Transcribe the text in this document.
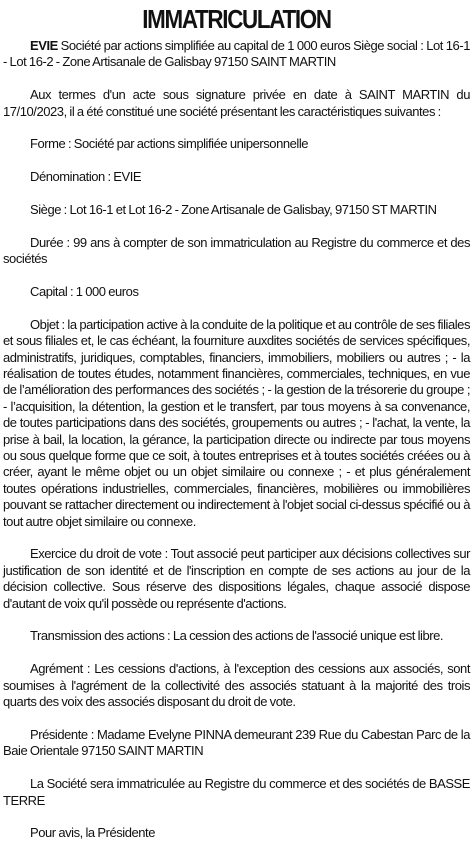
IMMATRICULATION

EVIE Société par actions simplifiée au capital de 1 000 euros Siège social : Lot 16-1 - Lot 16-2 - Zone Artisanale de Galisbay 97150 SAINT MARTIN

Aux termes d'un acte sous signature privée en date à SAINT MARTIN du 17/10/2023, il a été constitué une société présentant les caractéristiques suivantes :

Forme : Société par actions simplifiée unipersonnelle

Dénomination : EVIE

Siège : Lot 16-1 et Lot 16-2 - Zone Artisanale de Galisbay, 97150 ST MARTIN

Durée : 99 ans à compter de son immatriculation au Registre du commerce et des sociétés

Capital : 1 000 euros

Objet : la participation active à la conduite de la politique et au contrôle de ses filiales et sous filiales et, le cas échéant, la fourniture auxdites sociétés de services spécifiques, administratifs, juridiques, comptables, financiers, immobiliers, mobiliers ou autres ; - la réalisation de toutes études, notamment financières, commerciales, techniques, en vue de l’amélioration des performances des sociétés ; - la gestion de la trésorerie du groupe ; - l’acquisition, la détention, la gestion et le transfert, par tous moyens à sa convenance, de toutes participations dans des sociétés, groupements ou autres ; - l'achat, la vente, la prise à bail, la location, la gérance, la participation directe ou indirecte par tous moyens ou sous quelque forme que ce soit, à toutes entreprises et à toutes sociétés créées ou à créer, ayant le même objet ou un objet similaire ou connexe ; - et plus généralement toutes opérations industrielles, commerciales, financières, mobilières ou immobilières pouvant se rattacher directement ou indirectement à l'objet social ci-dessus spécifié ou à tout autre objet similaire ou connexe.

Exercice du droit de vote : Tout associé peut participer aux décisions collectives sur justification de son identité et de l'inscription en compte de ses actions au jour de la décision collective. Sous réserve des dispositions légales, chaque associé dispose d'autant de voix qu'il possède ou représente d'actions.

Transmission des actions : La cession des actions de l'associé unique est libre.

Agrément : Les cessions d'actions, à l'exception des cessions aux associés, sont soumises à l'agrément de la collectivité des associés statuant à la majorité des trois quarts des voix des associés disposant du droit de vote.

Présidente : Madame Evelyne PINNA demeurant 239 Rue du Cabestan Parc de la Baie Orientale 97150 SAINT MARTIN

La Société sera immatriculée au Registre du commerce et des sociétés de BASSE TERRE

Pour avis, la Présidente
